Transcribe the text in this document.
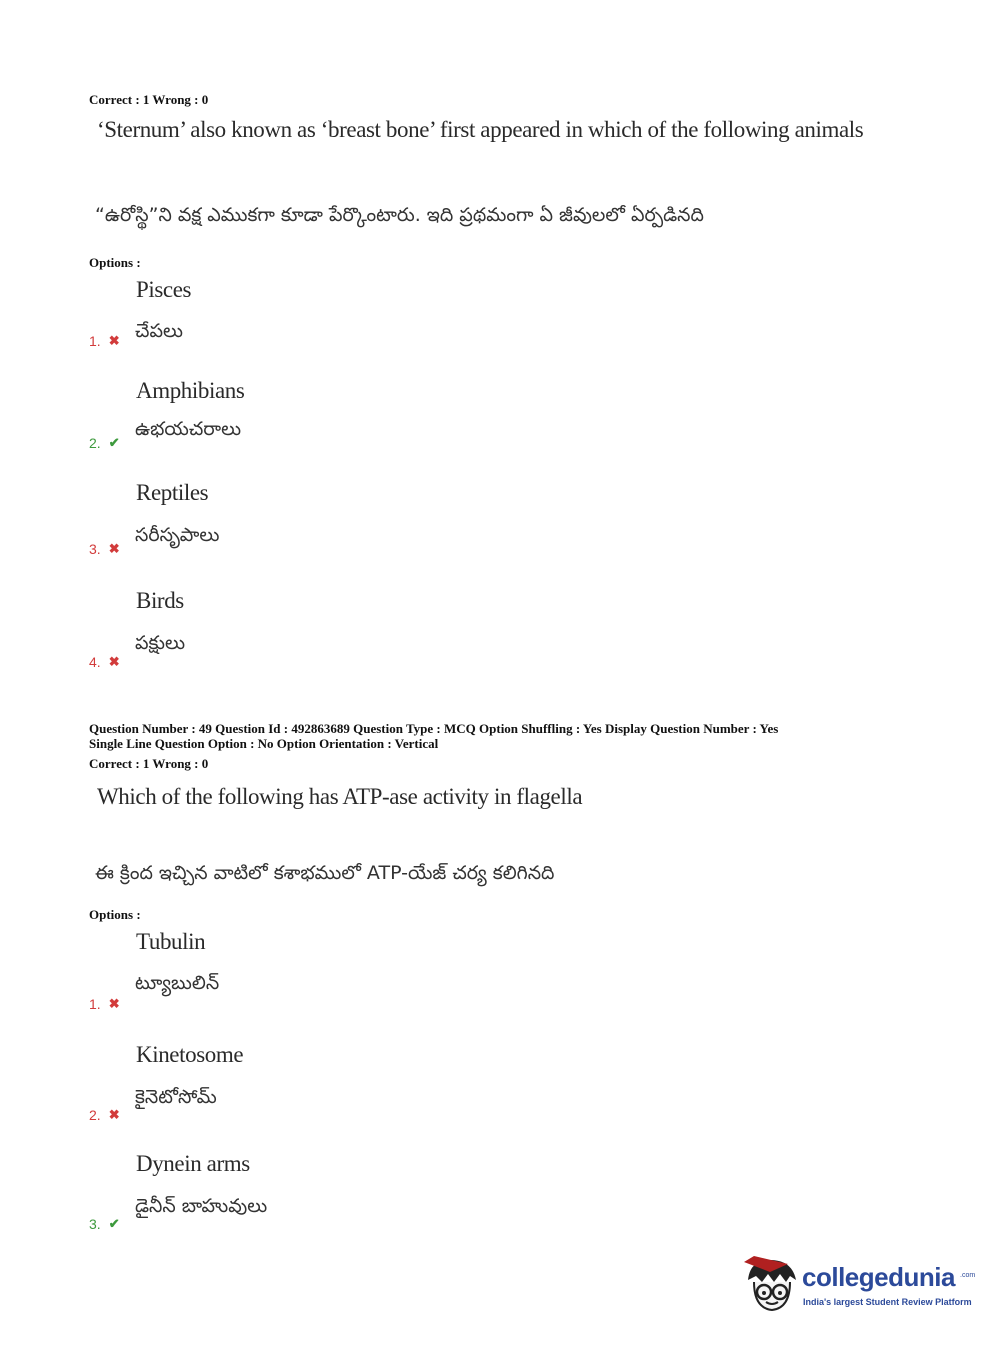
Correct : 1 Wrong : 0
‘Sternum’ also known as ‘breast bone’ first appeared in which of the following animals
“ఉరోస్థి”ని వక్ష ఎముకగా కూడా పేర్కొంటారు. ఇది ప్రథమంగా ఏ జీవులలో ఏర్పడినది
Options :
Pisces
చేపలు
1. ✖
Amphibians
ఉభయచరాలు
2. ✔
Reptiles
సరీసృపాలు
3. ✖
Birds
పక్షులు
4. ✖
Question Number : 49 Question Id : 492863689 Question Type : MCQ Option Shuffling : Yes Display Question Number : Yes
Single Line Question Option : No Option Orientation : Vertical
Correct : 1 Wrong : 0
Which of the following has ATP-ase activity in flagella
ఈ క్రింద ఇచ్చిన వాటిలో కశాభములో ATP-యేజ్ చర్య కలిగినది
Options :
Tubulin
ట్యూబులిన్
1. ✖
Kinetosome
కైనెటోసోమ్
2. ✖
Dynein arms
డైనీన్ బాహువులు
3. ✔
collegedunia .com
India's largest Student Review Platform
